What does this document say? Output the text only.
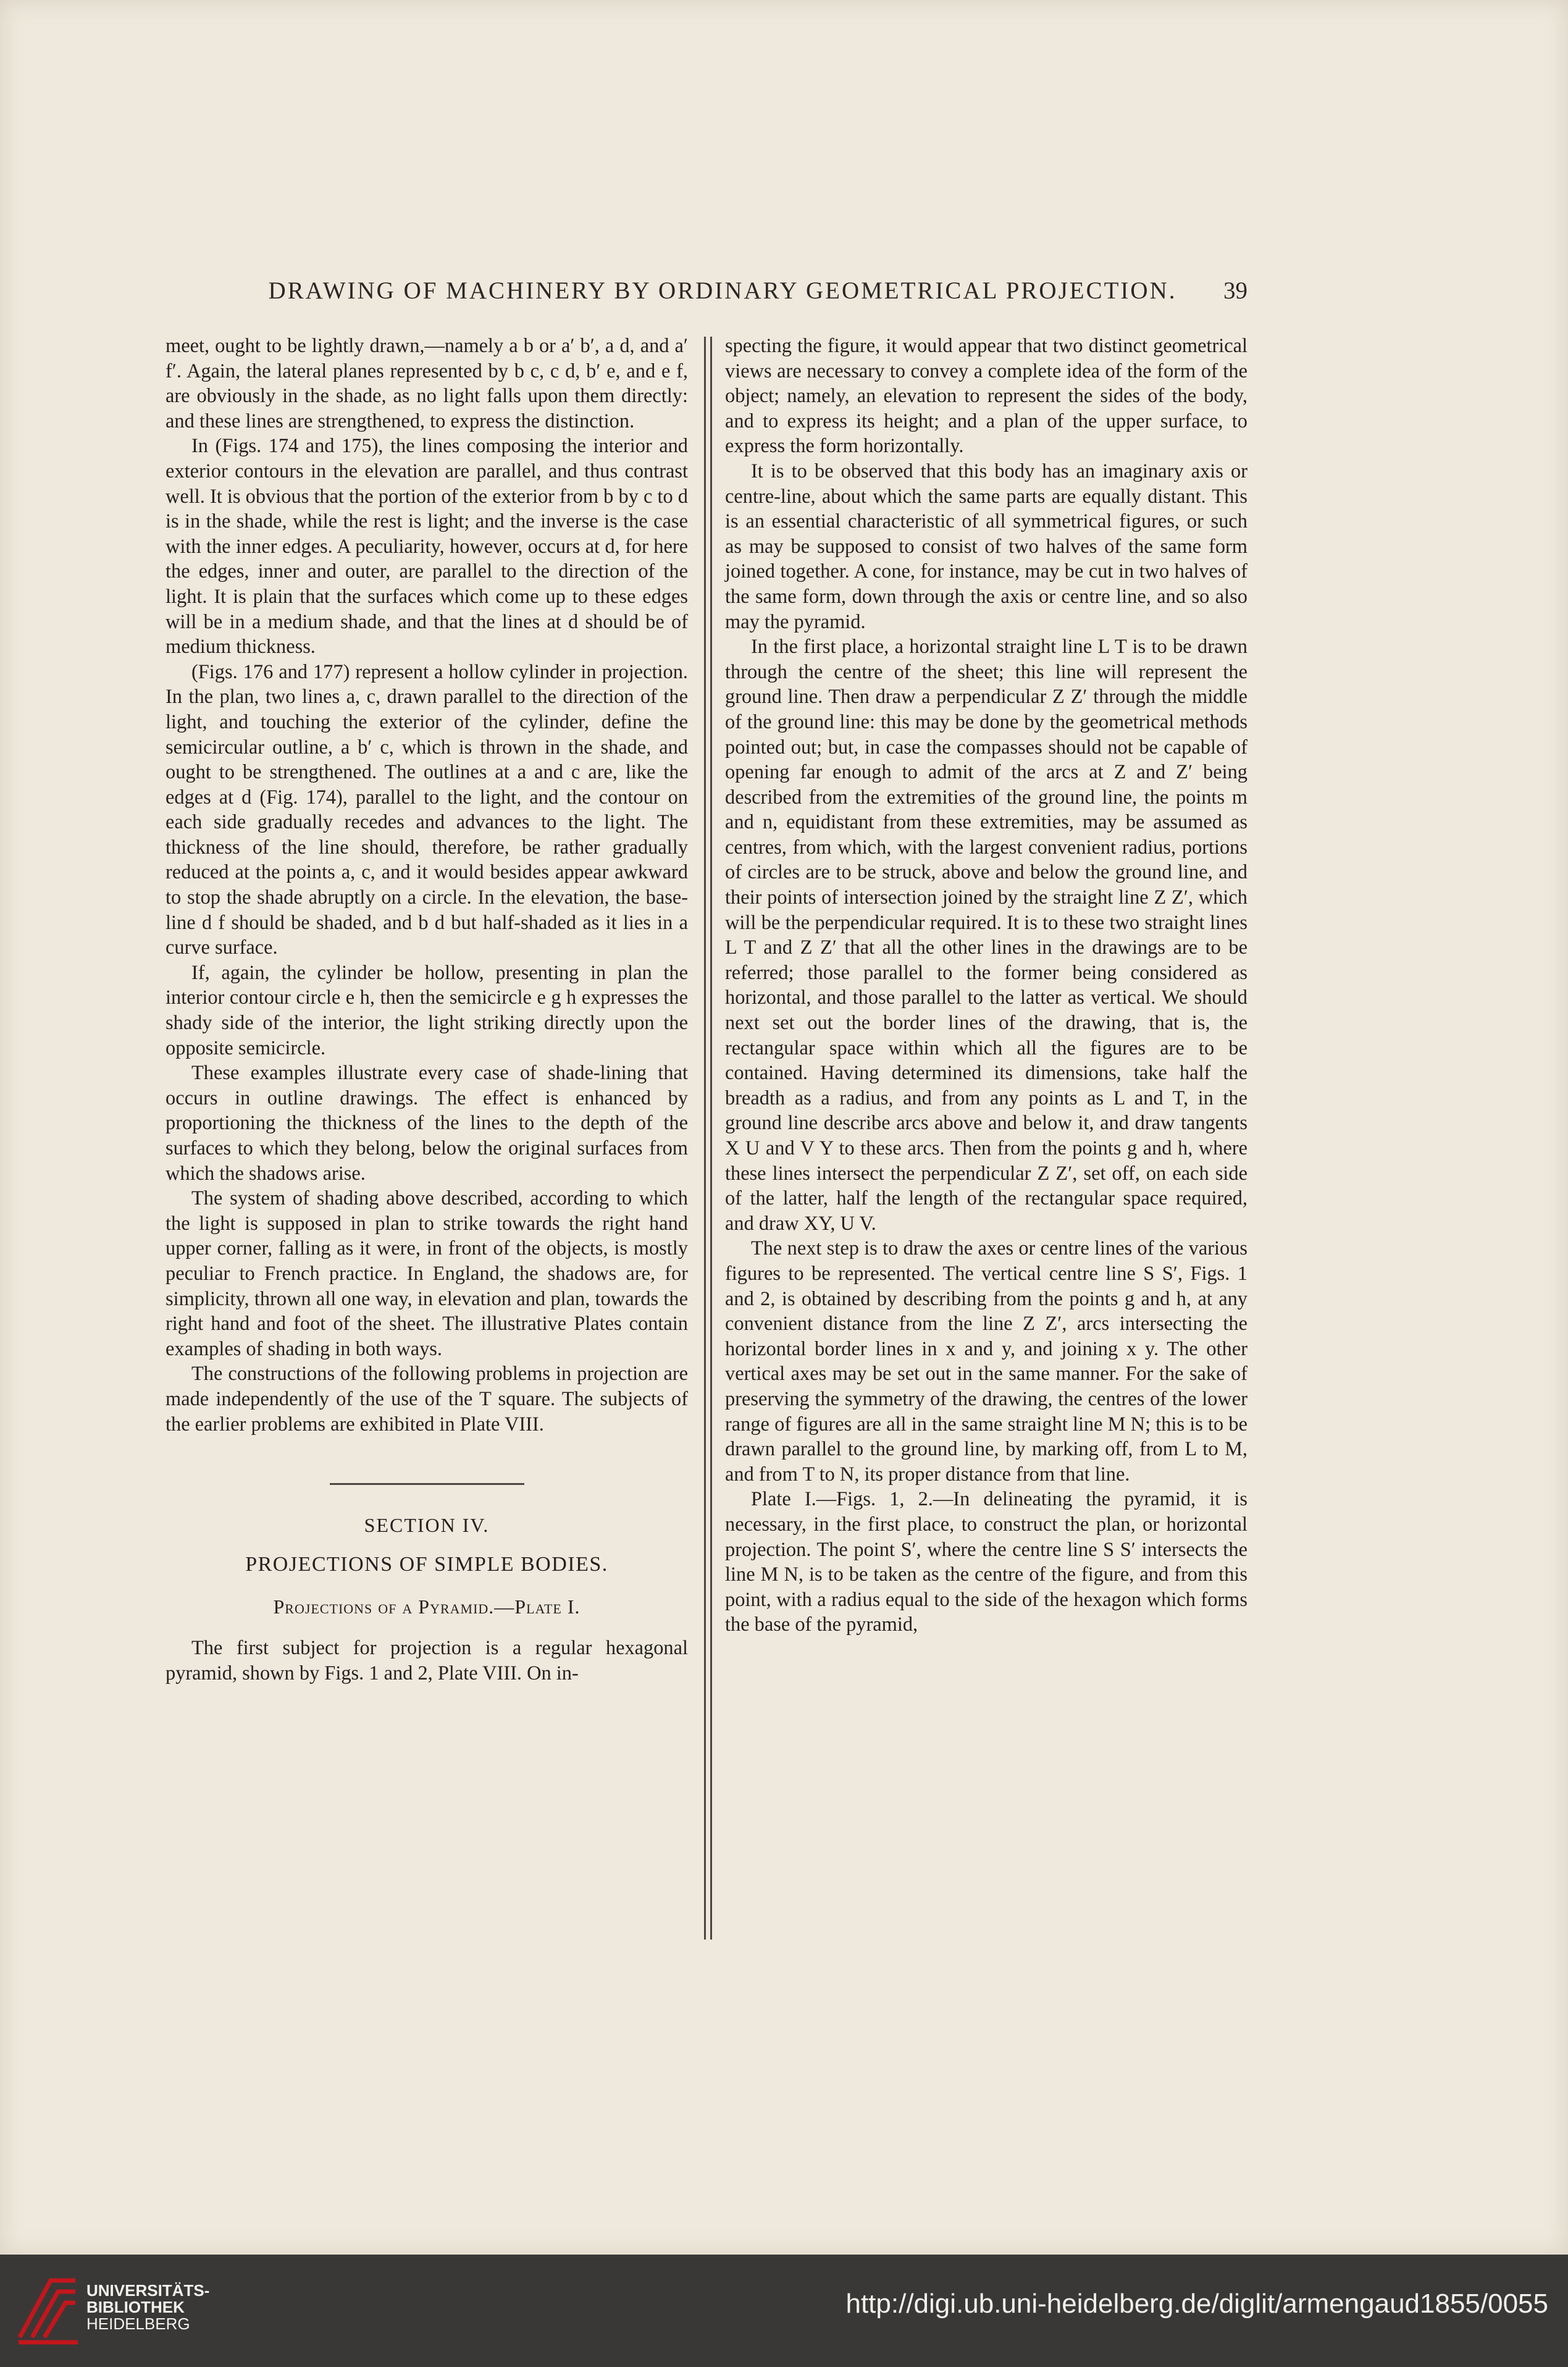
DRAWING OF MACHINERY BY ORDINARY GEOMETRICAL PROJECTION.	39

meet, ought to be lightly drawn,—namely a b or a′ b′, a d, and a′ f′. Again, the lateral planes represented by b c, c d, b′ e, and e f, are obviously in the shade, as no light falls upon them directly: and these lines are strengthened, to express the distinction.

In (Figs. 174 and 175), the lines composing the interior and exterior contours in the elevation are parallel, and thus contrast well. It is obvious that the portion of the exterior from b by c to d is in the shade, while the rest is light; and the inverse is the case with the inner edges. A peculiarity, however, occurs at d, for here the edges, inner and outer, are parallel to the direction of the light. It is plain that the surfaces which come up to these edges will be in a medium shade, and that the lines at d should be of medium thickness.

(Figs. 176 and 177) represent a hollow cylinder in projection. In the plan, two lines a, c, drawn parallel to the direction of the light, and touching the exterior of the cylinder, define the semicircular outline, a b′ c, which is thrown in the shade, and ought to be strengthened. The outlines at a and c are, like the edges at d (Fig. 174), parallel to the light, and the contour on each side gradually recedes and advances to the light. The thickness of the line should, therefore, be rather gradually reduced at the points a, c, and it would besides appear awkward to stop the shade abruptly on a circle. In the elevation, the base-line d f should be shaded, and b d but half-shaded as it lies in a curve surface.

If, again, the cylinder be hollow, presenting in plan the interior contour circle e h, then the semicircle e g h expresses the shady side of the interior, the light striking directly upon the opposite semicircle.

These examples illustrate every case of shade-lining that occurs in outline drawings. The effect is enhanced by proportioning the thickness of the lines to the depth of the surfaces to which they belong, below the original surfaces from which the shadows arise.

The system of shading above described, according to which the light is supposed in plan to strike towards the right hand upper corner, falling as it were, in front of the objects, is mostly peculiar to French practice. In England, the shadows are, for simplicity, thrown all one way, in elevation and plan, towards the right hand and foot of the sheet. The illustrative Plates contain examples of shading in both ways.

The constructions of the following problems in projection are made independently of the use of the T square. The subjects of the earlier problems are exhibited in Plate VIII.

SECTION IV.
PROJECTIONS OF SIMPLE BODIES.
Projections of a Pyramid.—Plate I.

The first subject for projection is a regular hexagonal pyramid, shown by Figs. 1 and 2, Plate VIII. On in-

specting the figure, it would appear that two distinct geometrical views are necessary to convey a complete idea of the form of the object; namely, an elevation to represent the sides of the body, and to express its height; and a plan of the upper surface, to express the form horizontally.

It is to be observed that this body has an imaginary axis or centre-line, about which the same parts are equally distant. This is an essential characteristic of all symmetrical figures, or such as may be supposed to consist of two halves of the same form joined together. A cone, for instance, may be cut in two halves of the same form, down through the axis or centre line, and so also may the pyramid.

In the first place, a horizontal straight line L T is to be drawn through the centre of the sheet; this line will represent the ground line. Then draw a perpendicular Z Z′ through the middle of the ground line: this may be done by the geometrical methods pointed out; but, in case the compasses should not be capable of opening far enough to admit of the arcs at Z and Z′ being described from the extremities of the ground line, the points m and n, equidistant from these extremities, may be assumed as centres, from which, with the largest convenient radius, portions of circles are to be struck, above and below the ground line, and their points of intersection joined by the straight line Z Z′, which will be the perpendicular required. It is to these two straight lines L T and Z Z′ that all the other lines in the drawings are to be referred; those parallel to the former being considered as horizontal, and those parallel to the latter as vertical. We should next set out the border lines of the drawing, that is, the rectangular space within which all the figures are to be contained. Having determined its dimensions, take half the breadth as a radius, and from any points as L and T, in the ground line describe arcs above and below it, and draw tangents X U and V Y to these arcs. Then from the points g and h, where these lines intersect the perpendicular Z Z′, set off, on each side of the latter, half the length of the rectangular space required, and draw XY, U V.

The next step is to draw the axes or centre lines of the various figures to be represented. The vertical centre line S S′, Figs. 1 and 2, is obtained by describing from the points g and h, at any convenient distance from the line Z Z′, arcs intersecting the horizontal border lines in x and y, and joining x y. The other vertical axes may be set out in the same manner. For the sake of preserving the symmetry of the drawing, the centres of the lower range of figures are all in the same straight line M N; this is to be drawn parallel to the ground line, by marking off, from L to M, and from T to N, its proper distance from that line.

Plate I.—Figs. 1, 2.—In delineating the pyramid, it is necessary, in the first place, to construct the plan, or horizontal projection. The point S′, where the centre line S S′ intersects the line M N, is to be taken as the centre of the figure, and from this point, with a radius equal to the side of the hexagon which forms the base of the pyramid,

UNIVERSITÄTS-
BIBLIOTHEK
HEIDELBERG
http://digi.ub.uni-heidelberg.de/diglit/armengaud1855/0055
